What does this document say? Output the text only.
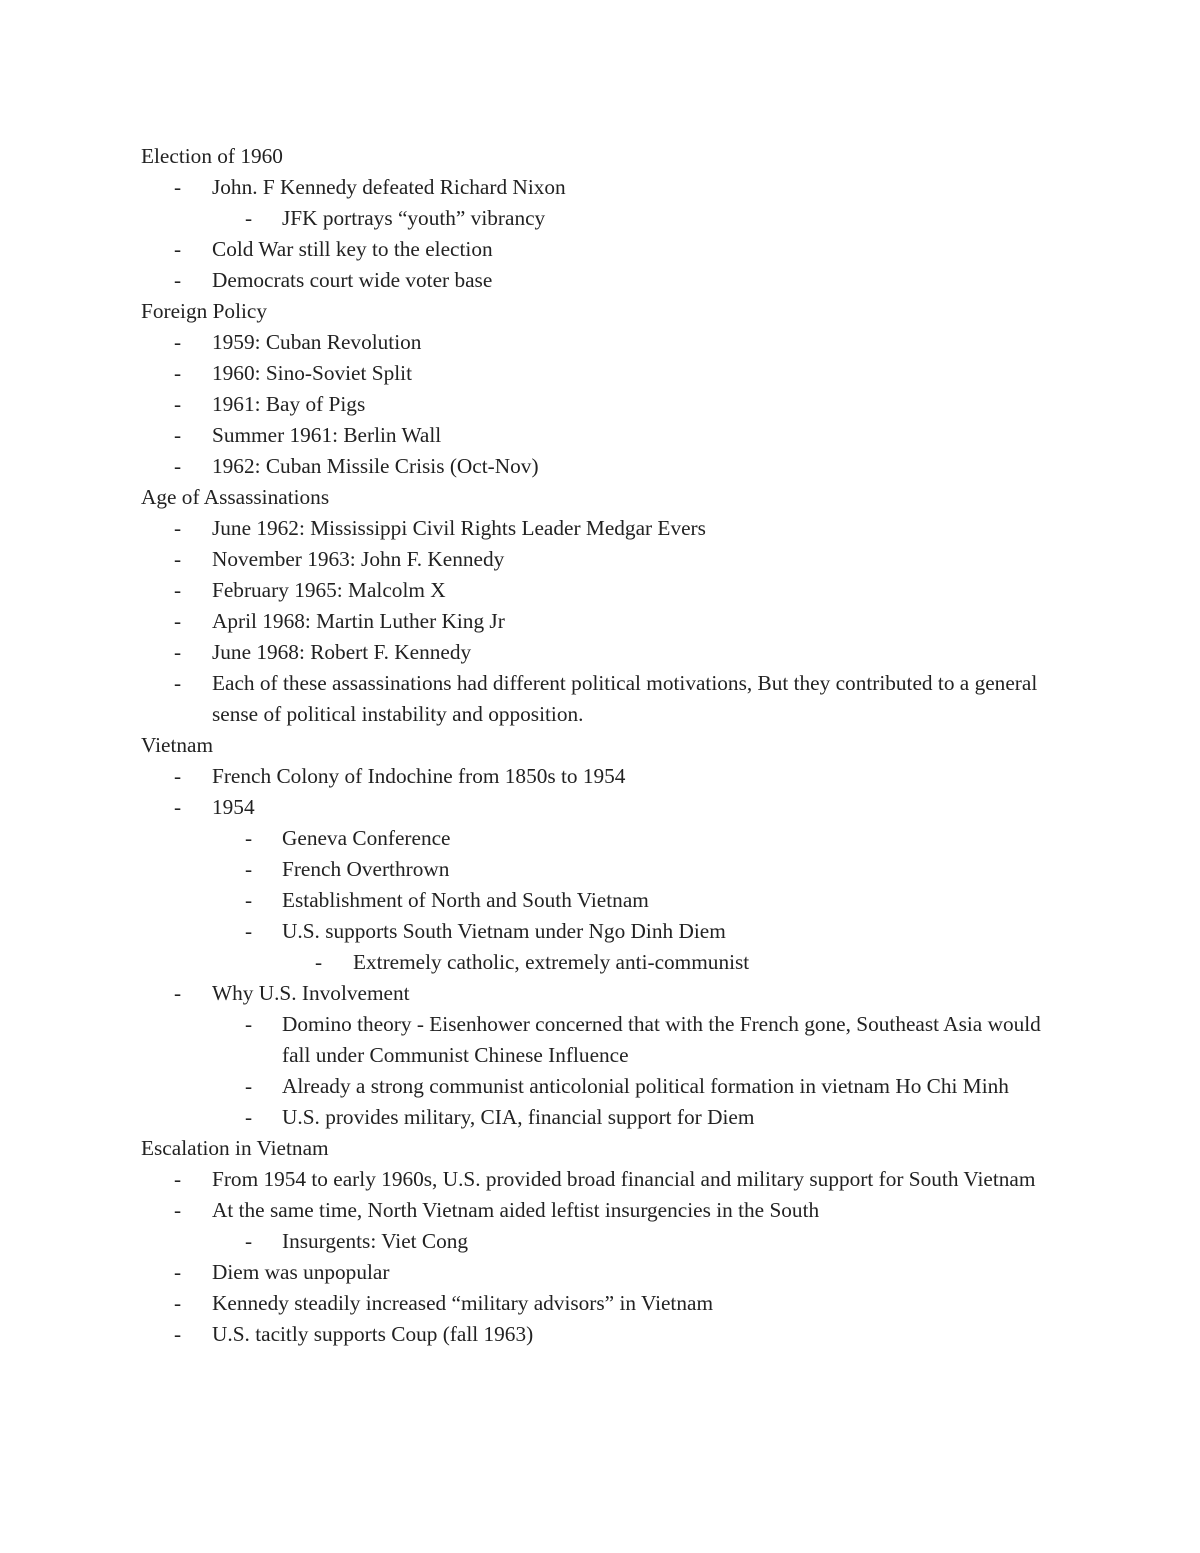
Election of 1960

- John. F Kennedy defeated Richard Nixon
- JFK portrays “youth” vibrancy
- Cold War still key to the election
- Democrats court wide voter base

Foreign Policy

- 1959: Cuban Revolution
- 1960: Sino-Soviet Split
- 1961: Bay of Pigs
- Summer 1961: Berlin Wall
- 1962: Cuban Missile Crisis (Oct-Nov)

Age of Assassinations

- June 1962: Mississippi Civil Rights Leader Medgar Evers
- November 1963: John F. Kennedy
- February 1965: Malcolm X
- April 1968: Martin Luther King Jr
- June 1968: Robert F. Kennedy
- Each of these assassinations had different political motivations, But they contributed to a general sense of political instability and opposition.

Vietnam

- French Colony of Indochine from 1850s to 1954
- 1954
- Geneva Conference
- French Overthrown
- Establishment of North and South Vietnam
- U.S. supports South Vietnam under Ngo Dinh Diem
- Extremely catholic, extremely anti-communist
- Why U.S. Involvement
- Domino theory - Eisenhower concerned that with the French gone, Southeast Asia would fall under Communist Chinese Influence
- Already a strong communist anticolonial political formation in vietnam Ho Chi Minh
- U.S. provides military, CIA, financial support for Diem

Escalation in Vietnam

- From 1954 to early 1960s, U.S. provided broad financial and military support for South Vietnam
- At the same time, North Vietnam aided leftist insurgencies in the South
- Insurgents: Viet Cong
- Diem was unpopular
- Kennedy steadily increased “military advisors” in Vietnam
- U.S. tacitly supports Coup (fall 1963)
